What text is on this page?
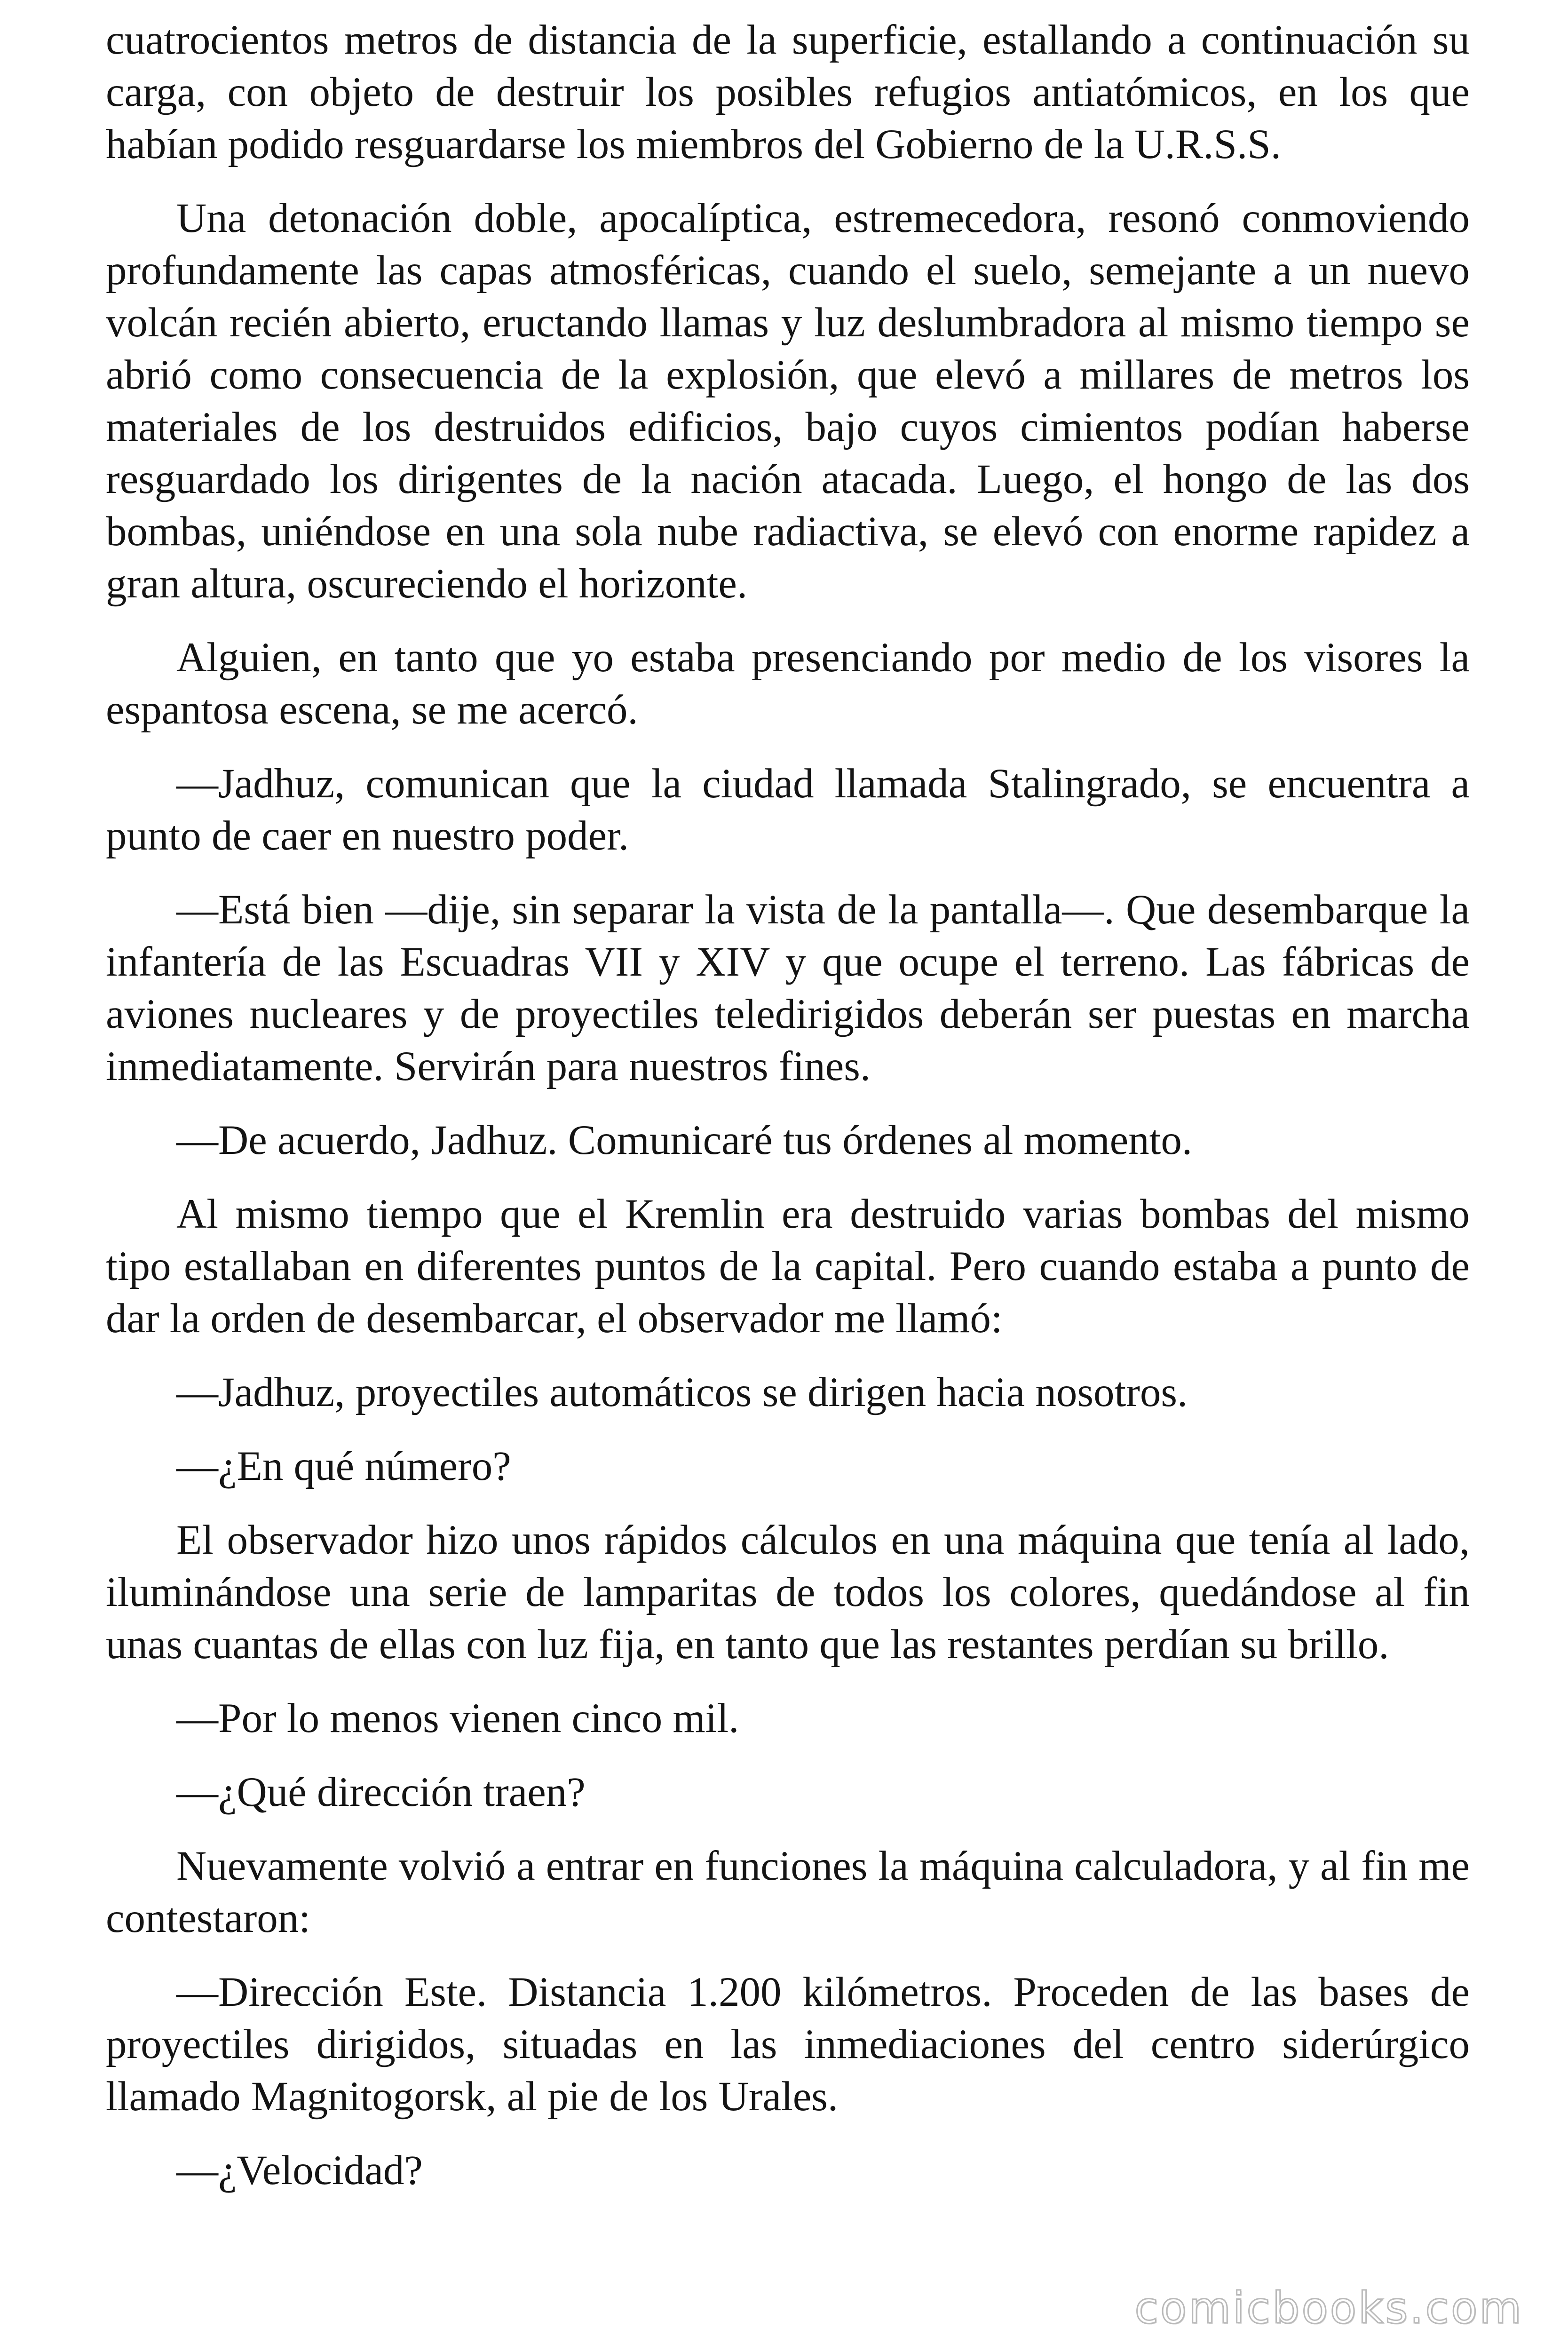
cuatrocientos metros de distancia de la superficie, estallando a continuación su carga, con objeto de destruir los posibles refugios antiatómicos, en los que habían podido resguardarse los miembros del Gobierno de la U.R.S.S.

Una detonación doble, apocalíptica, estremecedora, resonó conmoviendo profundamente las capas atmosféricas, cuando el suelo, semejante a un nuevo volcán recién abierto, eructando llamas y luz deslumbradora al mismo tiempo se abrió como consecuencia de la explosión, que elevó a millares de metros los materiales de los destruidos edificios, bajo cuyos cimientos podían haberse resguardado los dirigentes de la nación atacada. Luego, el hongo de las dos bombas, uniéndose en una sola nube radiactiva, se elevó con enorme rapidez a gran altura, oscureciendo el horizonte.

Alguien, en tanto que yo estaba presenciando por medio de los visores la espantosa escena, se me acercó.

—Jadhuz, comunican que la ciudad llamada Stalingrado, se encuentra a punto de caer en nuestro poder.

—Está bien —dije, sin separar la vista de la pantalla—. Que desembarque la infantería de las Escuadras VII y XIV y que ocupe el terreno. Las fábricas de aviones nucleares y de proyectiles teledirigidos deberán ser puestas en marcha inmediatamente. Servirán para nuestros fines.

—De acuerdo, Jadhuz. Comunicaré tus órdenes al momento.

Al mismo tiempo que el Kremlin era destruido varias bombas del mismo tipo estallaban en diferentes puntos de la capital. Pero cuando estaba a punto de dar la orden de desembarcar, el observador me llamó:

—Jadhuz, proyectiles automáticos se dirigen hacia nosotros.

—¿En qué número?

El observador hizo unos rápidos cálculos en una máquina que tenía al lado, iluminándose una serie de lamparitas de todos los colores, quedándose al fin unas cuantas de ellas con luz fija, en tanto que las restantes perdían su brillo.

—Por lo menos vienen cinco mil.

—¿Qué dirección traen?

Nuevamente volvió a entrar en funciones la máquina calculadora, y al fin me contestaron:

—Dirección Este. Distancia 1.200 kilómetros. Proceden de las bases de proyectiles dirigidos, situadas en las inmediaciones del centro siderúrgico llamado Magnitogorsk, al pie de los Urales.

—¿Velocidad?

comicbooks.com
